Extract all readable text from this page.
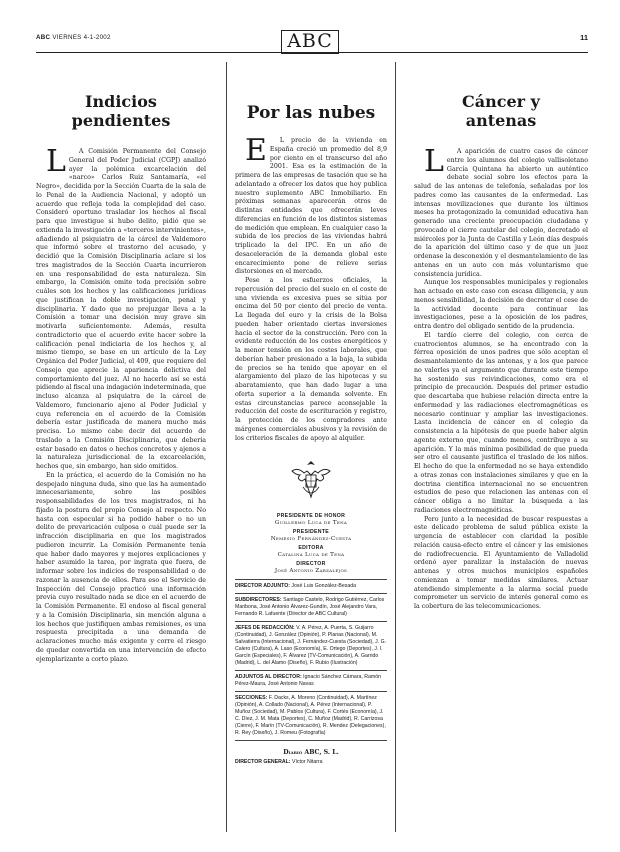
ABC VIERNES 4-1-2002	ABC	11
Indicios
pendientes

L	A Comisión Permanente del Consejo General del Poder Judicial (CGPJ) analizó ayer la polémica excarcelación del «narco» Carlos Ruiz Santamaría, «el Negro», decidida por la Sección Cuarta de la sala de lo Penal de la Audiencia Nacional, y adoptó un acuerdo que refleja toda la complejidad del caso. Consideró oportuno trasladar los hechos al fiscal para que investigue si hubo delito, pidió que se extienda la investigación a «terceros intervinientes», añadiendo al psiquiatra de la cárcel de Valdemoro que informó sobre el trastorno del acusado, y decidió que la Comisión Disciplinaria aclare si los tres magistrados de la Sección Cuarta incurrieron en una responsabilidad de esta naturaleza. Sin embargo, la Comisión omite toda precisión sobre cuáles son los hechos y las calificaciones jurídicas que justifican la doble investigación, penal y disciplinaria. Y dado que no prejuzgar lleva a la Comisión a tomar una decisión muy grave sin motivarla suficientemente. Además, resulta contradictorio que el acuerdo evite hacer sobre la calificación penal indiciaria de los hechos y, al mismo tiempo, se base en un artículo de la Ley Orgánica del Poder Judicial, el 409, que requiere del Consejo que aprecie la apariencia delictiva del comportamiento del juez. Al no hacerlo así se está pidiendo al fiscal una indagación indeterminada, que incluso alcanza al psiquiatra de la cárcel de Valdemoro, funcionario ajeno al Poder Judicial y cuya referencia en el acuerdo de la Comisión debería estar justificada de manera mucho más precisa. Lo mismo cabe decir del acuerdo de traslado a la Comisión Disciplinaria, que debería estar basado en datos o hechos concretos y ajenos a la naturaleza jurisdiccional de la excarcelación, hechos que, sin embargo, han sido omitidos.

En la práctica, el acuerdo de la Comisión no ha despejado ninguna duda, sino que las ha aumentado innecesariamente, sobre las posibles responsabilidades de los tres magistrados, ni ha fijado la postura del propio Consejo al respecto. No hasta con especular si ha podido haber o no un delito de prevaricación culposa o cuál puede ser la infracción disciplinaria en que los magistrados pudieron incurrir. La Comisión Permanente tenía que haber dado mayores y mejores explicaciones y haber asumido la tarea, por ingrata que fuera, de informar sobre los indicios de responsabilidad o de razonar la ausencia de ellos. Para eso el Servicio de Inspección del Consejo practicó una información previa cuyo resultado nada se dice en el acuerdo de la Comisión Permanente. El endoso al fiscal general y a la Comisión Disciplinaria, sin mención alguna a los hechos que justifiquen ambas remisiones, es una respuesta precipitada a una demanda de aclaraciones mucho más exigente y corre el riesgo de quedar convertida en una intervención de efecto ejemplarizante a corto plazo.

Por las nubes

E	L precio de la vivienda en España creció un promedio del 8,9 por ciento en el transcurso del año 2001. Esa es la estimación de la primera de las empresas de tasación que se ha adelantado a ofrecer los datos que hoy publica nuestro suplemento ABC Inmobiliario. En próximas semanas aparecerán otros de distintas entidades que ofrecerán leves diferencias en función de los distintos sistemas de medición que emplean. En cualquier caso la subida de los precios de las viviendas habrá triplicado la del IPC. En un año de desaceleración de la demanda global este encarecimiento pone de relieve serias distorsiones en el mercado.

Pese a los esfuerzos oficiales, la repercusión del precio del suelo en el coste de una vivienda es excesiva pues se sitúa por encima del 50 por ciento del precio de venta. La llegada del euro y la crisis de la Bolsa pueden haber orientado ciertas inversiones hacia el sector de la construcción. Pero con la evidente reducción de los costes energéticos y la menor tensión en los costes laborales, que deberían haber presionado a la baja, la subida de precios se ha tenido que apoyar en el alargamiento del plazo de las hipotecas y su abaratamiento, que han dado lugar a una oferta superior a la demanda solvente. En estas circunstancias parece aconsejable la reducción del coste de escrituración y registro, la protección de los compradores ante márgenes comerciales abusivos y la revisión de los criterios fiscales de apoyo al alquiler.

PRESIDENTE DE HONOR
Guillermo Luca de Tena
PRESIDENTE
Nemesio Fernández-Cuesta
EDITORA
Catalina Luca de Tena
DIRECTOR
José Antonio Zarzalejos
DIRECTOR ADJUNTO: José Luis González-Besada
SUBDIRECTORES: Santiago Castelo, Rodrigo Gutiérrez, Carlos Maribona, José Antonio Álvarez-Gundín, José Alejandro Vara, Fernando R. Lafuente (Director de ABC Cultural)
JEFES DE REDACCIÓN: V. A. Pérez, A. Puerta, S. Guijarro (Continuidad), J. González (Opinión), P. Planas (Nacional), M. Salvatierra (Internacional), J. Fernández-Cuesta (Sociedad), J. G. Calero (Cultura), A. Laso (Economía), E. Ortego (Deportes), J. I. Garcín (Especiales), F. Álvarez (TV-Comunicación), A. Garrido (Madrid), L. del Álamo (Diseño), F. Rubio (Ilustración)
ADJUNTOS AL DIRECTOR: Ignacio Sánchez Cámara, Ramón Pérez-Maura, José Antonio Navas
SECCIONES: F. Dacks, A. Moreno (Continuidad), A. Martínez (Opinión), A. Collado (Nacional), A. Pérez (Internacional), P. Muñoz (Sociedad), M. Pablos (Cultura), F. Cortés (Economía), J. C. Díez, J. M. Mata (Deportes), C. Muñoz (Madrid), R. Carrizosa (Cierre), F. Marín (TV-Comunicación), R. Mendez (Delegaciones), R. Rey (Diseño), J. Romeu (Fotografía)
Diario ABC, S. L.
DIRECTOR GENERAL: Víctor Nitarra
Cáncer y
antenas

L	A aparición de cuatro casos de cáncer entre los alumnos del colegio vallisoletano García Quintana ha abierto un auténtico debate social sobre los efectos para la salud de las antenas de telefonía, señaladas por los padres como las causantes de la enfermedad. Las intensas movilizaciones que durante los últimos meses ha protagonizado la comunidad educativa han generado una creciente preocupación ciudadana y provocado el cierre cautelar del colegio, decretado el miércoles por la Junta de Castilla y León días después de la aparición del último caso y de que un juez ordenase la desconexión y el desmantelamiento de las antenas en un auto con más voluntarismo que consistencia jurídica.

Aunque los responsables municipales y regionales han actuado en este caso con escasa diligencia, y aun menos sensibilidad, la decisión de decretar el cese de la actividad docente para continuar las investigaciones, pese a la oposición de los padres, entra dentro del obligado sentido de la prudencia.

El tardío cierre del colegio, con cerca de cuatrocientos alumnos, se ha encontrado con la férrea oposición de unos padres que sólo aceptan el desmantelamiento de las antenas, y a los que parece no valerles ya el argumento que durante este tiempo ha sostenido sus reivindicaciones, como era el principio de precaución. Después del primer estudio que descartaba que hubiese relación directa entre la enfermedad y las radiaciones electromagnéticas es necesario continuar y ampliar las investigaciones. Lasta incidencia de cáncer en el colegio da consistencia a la hipótesis de que puede haber algún agente externo que, cuando menos, contribuye a su aparición. Y la más mínima posibilidad de que pueda ser otro el causante justifica el traslado de los niños. El hecho de que la enfermedad no se haya extendido a otras zonas con instalaciones similares y que en la doctrina científica internacional no se encuentren estudios de peso que relacionen las antenas con el cáncer obliga a no limitar la búsqueda a las radiaciones electromagnéticas.

Pero junto a la necesidad de buscar respuestas a este delicado problema de salud pública existe la urgencia de establecer con claridad la posible relación causa-efecto entre el cáncer y las emisiones de radiofrecuencia. El Ayuntamiento de Valladolid ordenó ayer paralizar la instalación de nuevas antenas y otros muchos municipios españoles comienzan a tomar medidas similares. Actuar atendiendo simplemente a la alarma social puede comprometer un servicio de interés general como es la cobertura de las telecomunicaciones.
